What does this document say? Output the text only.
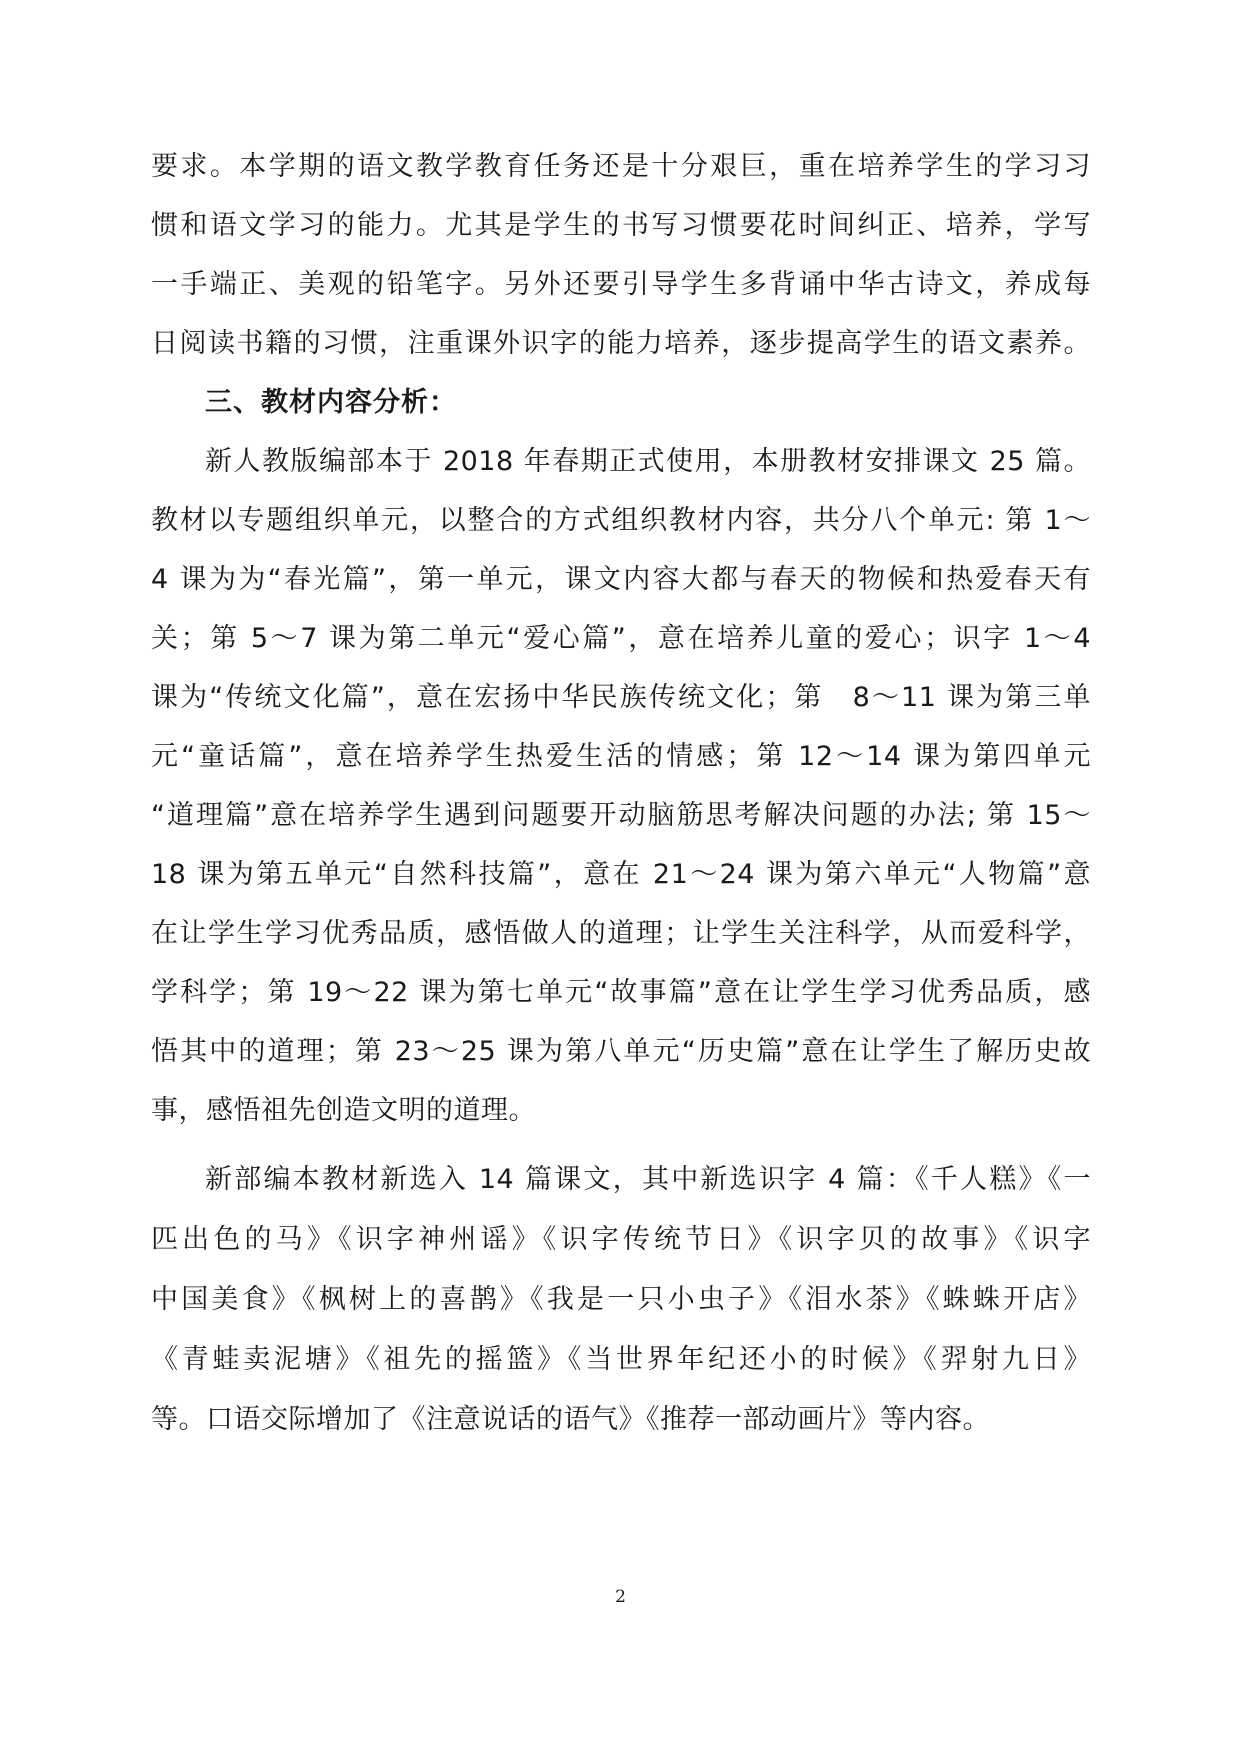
要求。本学期的语文教学教育任务还是十分艰巨，重在培养学生的学习习
惯和语文学习的能力。尤其是学生的书写习惯要花时间纠正、培养，学写
一手端正、美观的铅笔字。另外还要引导学生多背诵中华古诗文，养成每
日阅读书籍的习惯，注重课外识字的能力培养，逐步提高学生的语文素养。
三、教材内容分析：
新人教版编部本于 2018 年春期正式使用，本册教材安排课文 25 篇。
教材以专题组织单元，以整合的方式组织教材内容，共分八个单元: 第 1～
4 课为为“春光篇”，第一单元，课文内容大都与春天的物候和热爱春天有
关；第 5～7 课为第二单元“爱心篇”，意在培养儿童的爱心；识字 1～4
课为“传统文化篇”，意在宏扬中华民族传统文化；第　8～11 课为第三单
元“童话篇”，意在培养学生热爱生活的情感；第 12～14 课为第四单元
“道理篇”意在培养学生遇到问题要开动脑筋思考解决问题的办法; 第 15～
18 课为第五单元“自然科技篇”，意在 21～24 课为第六单元“人物篇”意
在让学生学习优秀品质，感悟做人的道理；让学生关注科学，从而爱科学，
学科学；第 19～22 课为第七单元“故事篇”意在让学生学习优秀品质，感
悟其中的道理；第 23～25 课为第八单元“历史篇”意在让学生了解历史故
事，感悟祖先创造文明的道理。
新部编本教材新选入 14 篇课文，其中新选识字 4 篇：《千人糕》《一
匹出色的马》《识字神州谣》《识字传统节日》《识字贝的故事》《识字
中国美食》《枫树上的喜鹊》《我是一只小虫子》《泪水茶》《蛛蛛开店》
《青蛙卖泥塘》《祖先的摇篮》《当世界年纪还小的时候》《羿射九日》
等。口语交际增加了《注意说话的语气》《推荐一部动画片》等内容。
2
